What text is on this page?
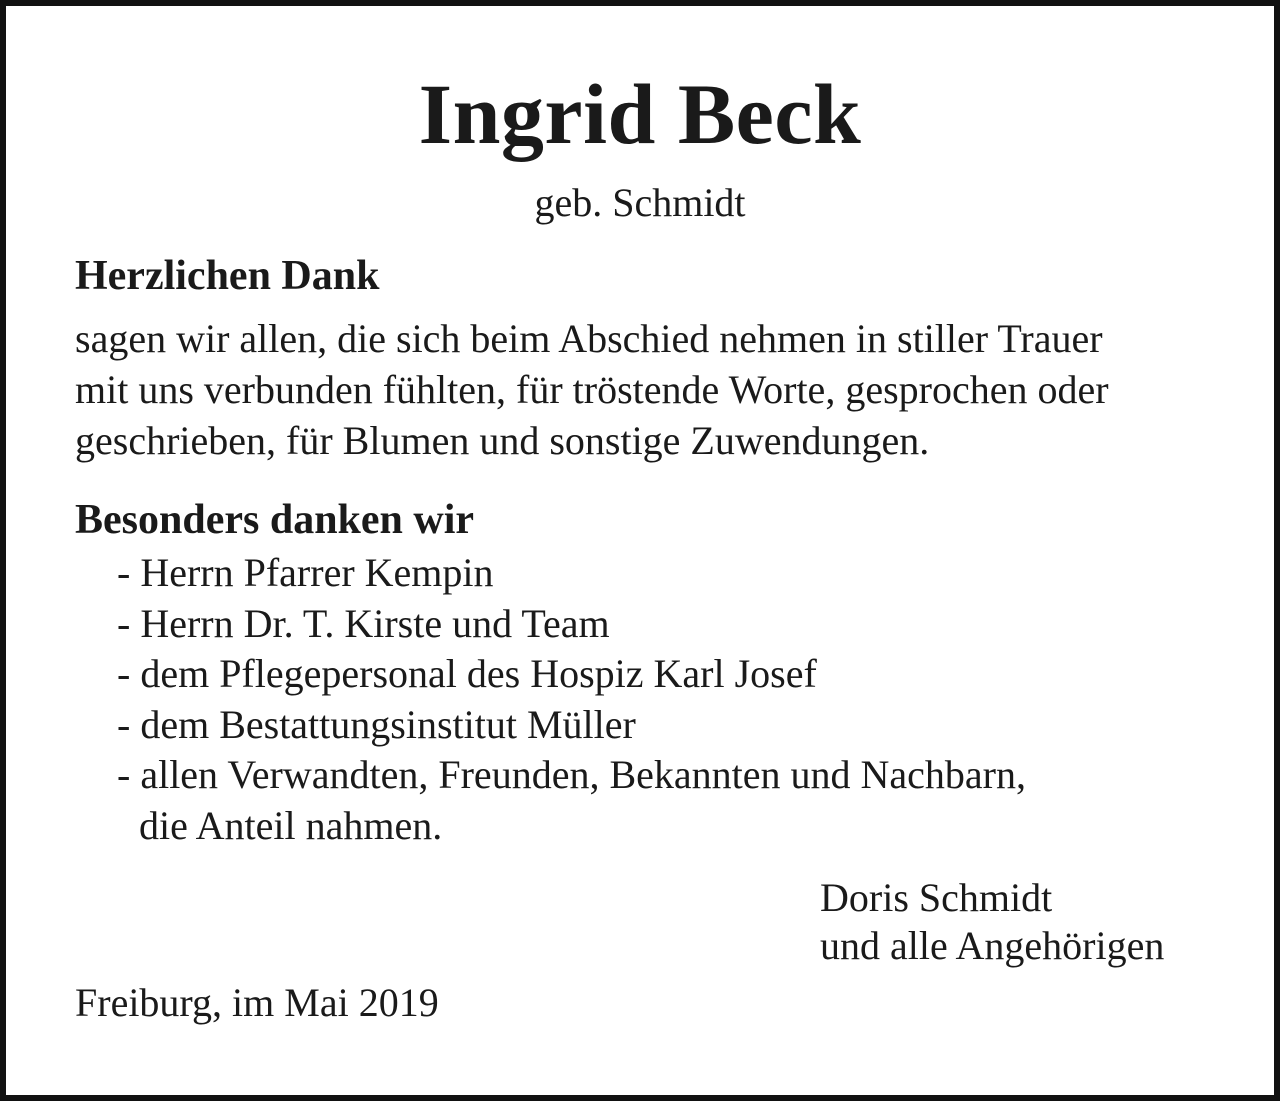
Ingrid Beck
geb. Schmidt
Herzlichen Dank
sagen wir allen, die sich beim Abschied nehmen in stiller Trauer
mit uns verbunden fühlten, für tröstende Worte, gesprochen oder
geschrieben, für Blumen und sonstige Zuwendungen.
Besonders danken wir
- Herrn Pfarrer Kempin
- Herrn Dr. T. Kirste und Team
- dem Pflegepersonal des Hospiz Karl Josef
- dem Bestattungsinstitut Müller
- allen Verwandten, Freunden, Bekannten und Nachbarn,
die Anteil nahmen.
Doris Schmidt
und alle Angehörigen
Freiburg, im Mai 2019
